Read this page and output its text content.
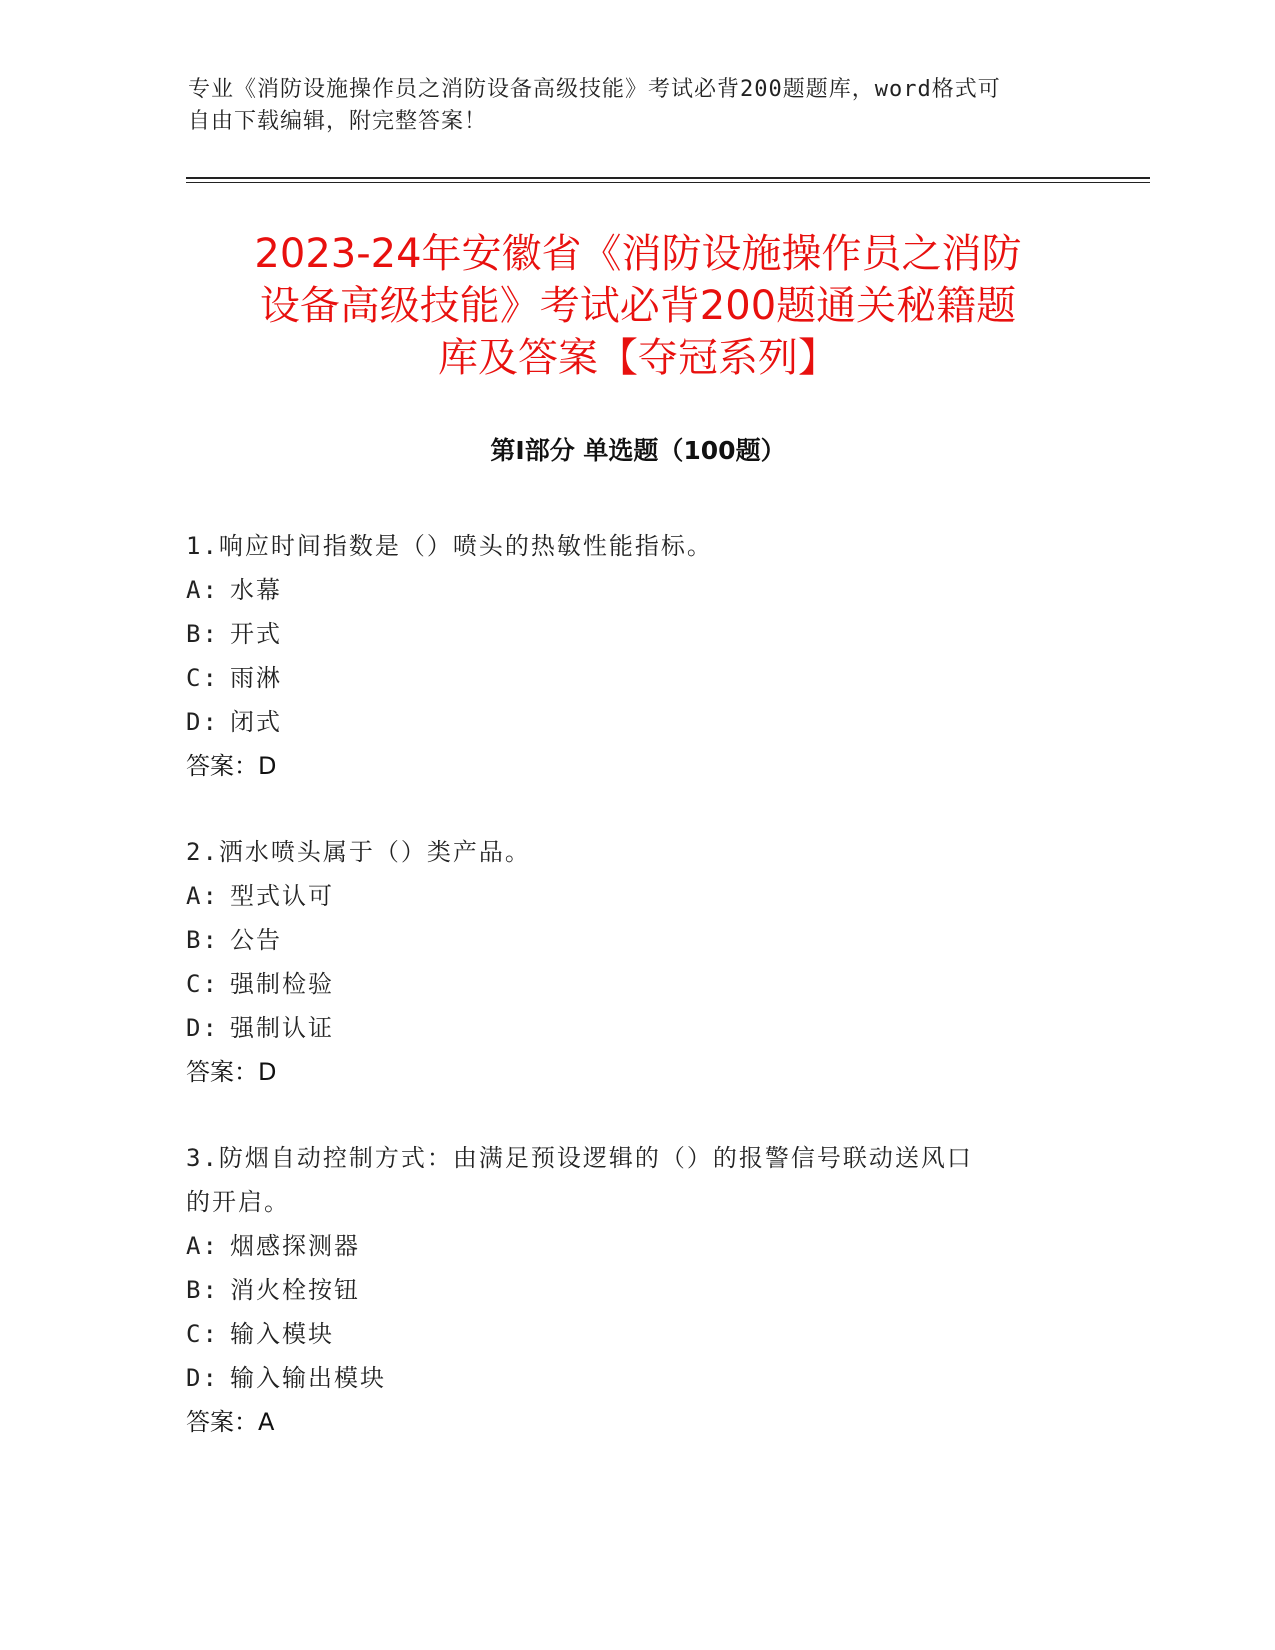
专业《消防设施操作员之消防设备高级技能》考试必背200题题库，word格式可
自由下载编辑，附完整答案！
2023-24年安徽省《消防设施操作员之消防
设备高级技能》考试必背200题通关秘籍题
库及答案【夺冠系列】
第Ⅰ部分 单选题（100题）

1.响应时间指数是（）喷头的热敏性能指标。

A: 水幕

B: 开式

C: 雨淋

D: 闭式

答案：D

2.洒水喷头属于（）类产品。

A: 型式认可

B: 公告

C: 强制检验

D: 强制认证

答案：D

3.防烟自动控制方式：由满足预设逻辑的（）的报警信号联动送风口

的开启。

A: 烟感探测器

B: 消火栓按钮

C: 输入模块

D: 输入输出模块

答案：A
